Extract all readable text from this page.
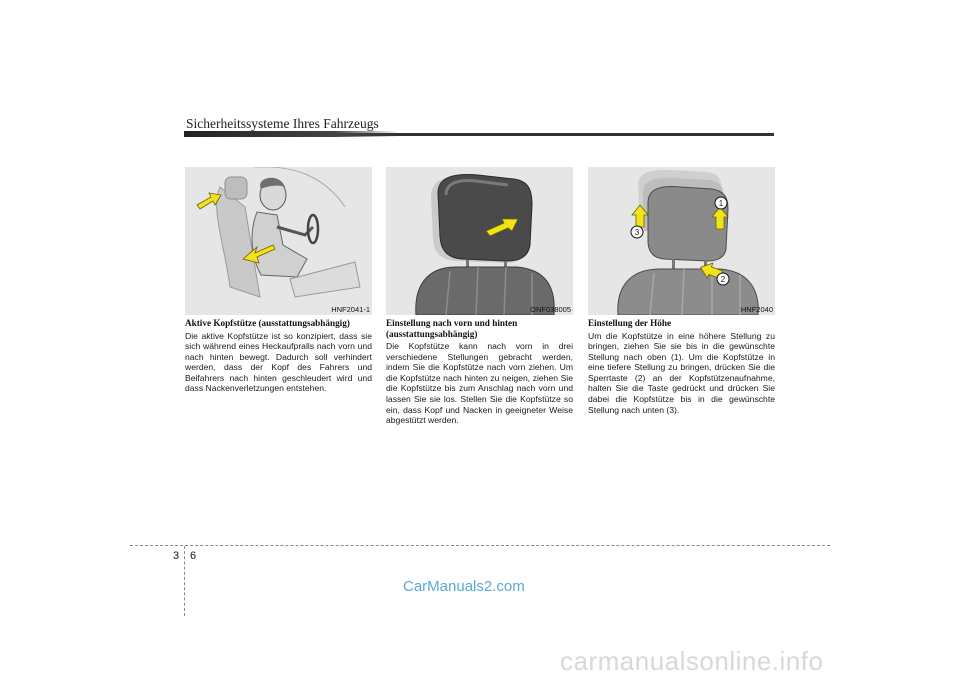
Sicherheitssysteme Ihres Fahrzeugs
HNF2041-1	ONF038005
1
2
3
HNF2040

Aktive Kopfstütze (ausstattungsabhängig)

Die aktive Kopfstütze ist so konzipiert, dass sie sich während eines Heckaufpralls nach vorn und nach hinten bewegt. Dadurch soll verhindert werden, dass der Kopf des Fahrers und Beifahrers nach hinten geschleudert wird und dass Nackenverletzungen entstehen.

Einstellung nach vorn und hinten (ausstattungsabhängig)

Die Kopfstütze kann nach vorn in drei verschiedene Stellungen gebracht werden, indem Sie die Kopfstütze nach vorn ziehen. Um die Kopfstütze nach hinten zu neigen, ziehen Sie die Kopfstütze bis zum Anschlag nach vorn und lassen Sie sie los. Stellen Sie die Kopfstütze so ein, dass Kopf und Nacken in geeigneter Weise abgestützt werden.

Einstellung der Höhe

Um die Kopfstütze in eine höhere Stellung zu bringen, ziehen Sie sie bis in die gewünschte Stellung nach oben (1). Um die Kopfstütze in eine tiefere Stellung zu bringen, drücken Sie die Sperrtaste (2) an der Kopfstützenaufnahme, halten Sie die Taste gedrückt und drücken Sie dabei die Kopfstütze bis in die gewünschte Stellung nach unten (3).

3 6
CarManuals2.com
carmanualsonline.info
